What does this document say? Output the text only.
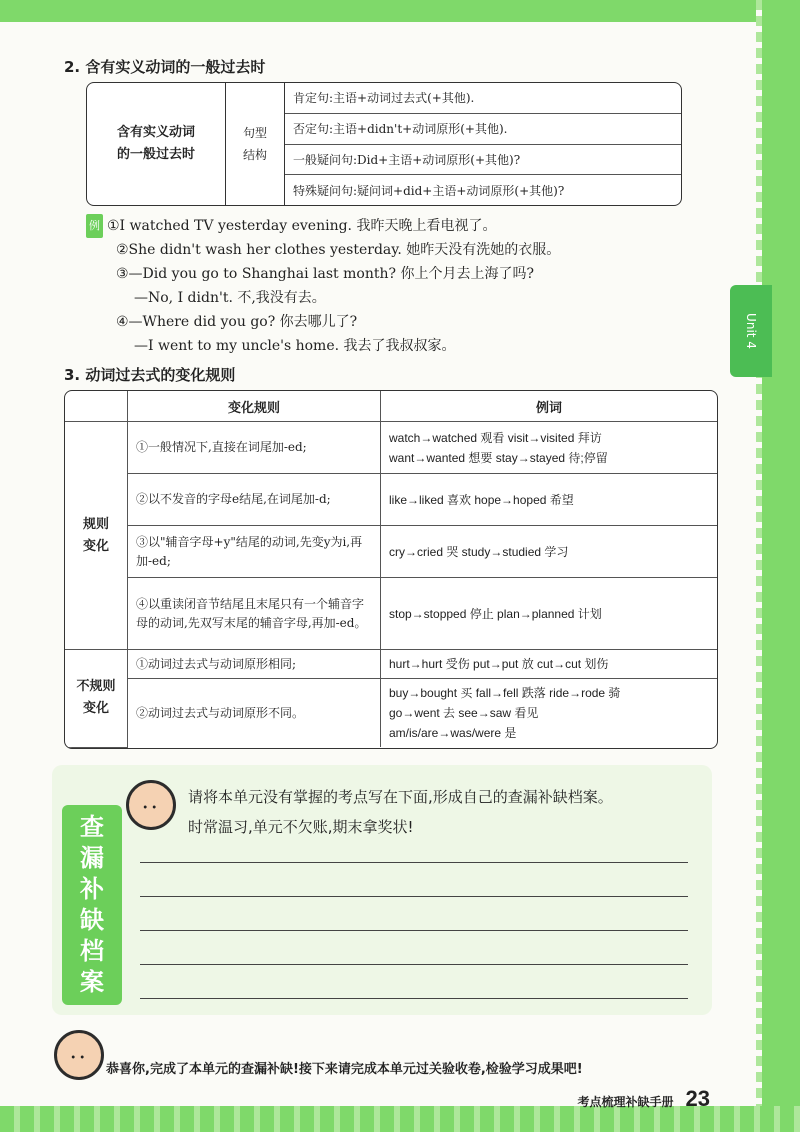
Unit 4
2. 含有实义动词的一般过去时
含有实义动词
的一般过去时
句型
结构
肯定句:主语+动词过去式(+其他).
否定句:主语+didn't+动词原形(+其他).
一般疑问句:Did+主语+动词原形(+其他)?
特殊疑问句:疑问词+did+主语+动词原形(+其他)?
例 ①I watched TV yesterday evening. 我昨天晚上看电视了。
②She didn't wash her clothes yesterday. 她昨天没有洗她的衣服。
③—Did you go to Shanghai last month? 你上个月去上海了吗?
—No, I didn't. 不,我没有去。
④—Where did you go? 你去哪儿了?
—I went to my uncle's home. 我去了我叔叔家。
3. 动词过去式的变化规则
	变化规则	例词
规则
变化	①一般情况下,直接在词尾加-ed;	watch→watched 观看 visit→visited 拜访
want→wanted 想要 stay→stayed 待;停留
	②以不发音的字母e结尾,在词尾加-d;	like→liked 喜欢 hope→hoped 希望
	③以"辅音字母+y"结尾的动词,先变y为i,再加-ed;	cry→cried 哭 study→studied 学习
	④以重读闭音节结尾且末尾只有一个辅音字母的动词,先双写末尾的辅音字母,再加-ed。	stop→stopped 停止 plan→planned 计划
不规则
变化	①动词过去式与动词原形相同;	hurt→hurt 受伤 put→put 放 cut→cut 划伤
	②动词过去式与动词原形不同。	buy→bought 买 fall→fell 跌落 ride→rode 骑
go→went 去 see→saw 看见
am/is/are→was/were 是
• •
查
漏
补
缺
档
案
请将本单元没有掌握的考点写在下面,形成自己的查漏补缺档案。
时常温习,单元不欠账,期末拿奖状!
• •
恭喜你,完成了本单元的查漏补缺!接下来请完成本单元过关验收卷,检验学习成果吧!
考点梳理补缺手册 23
